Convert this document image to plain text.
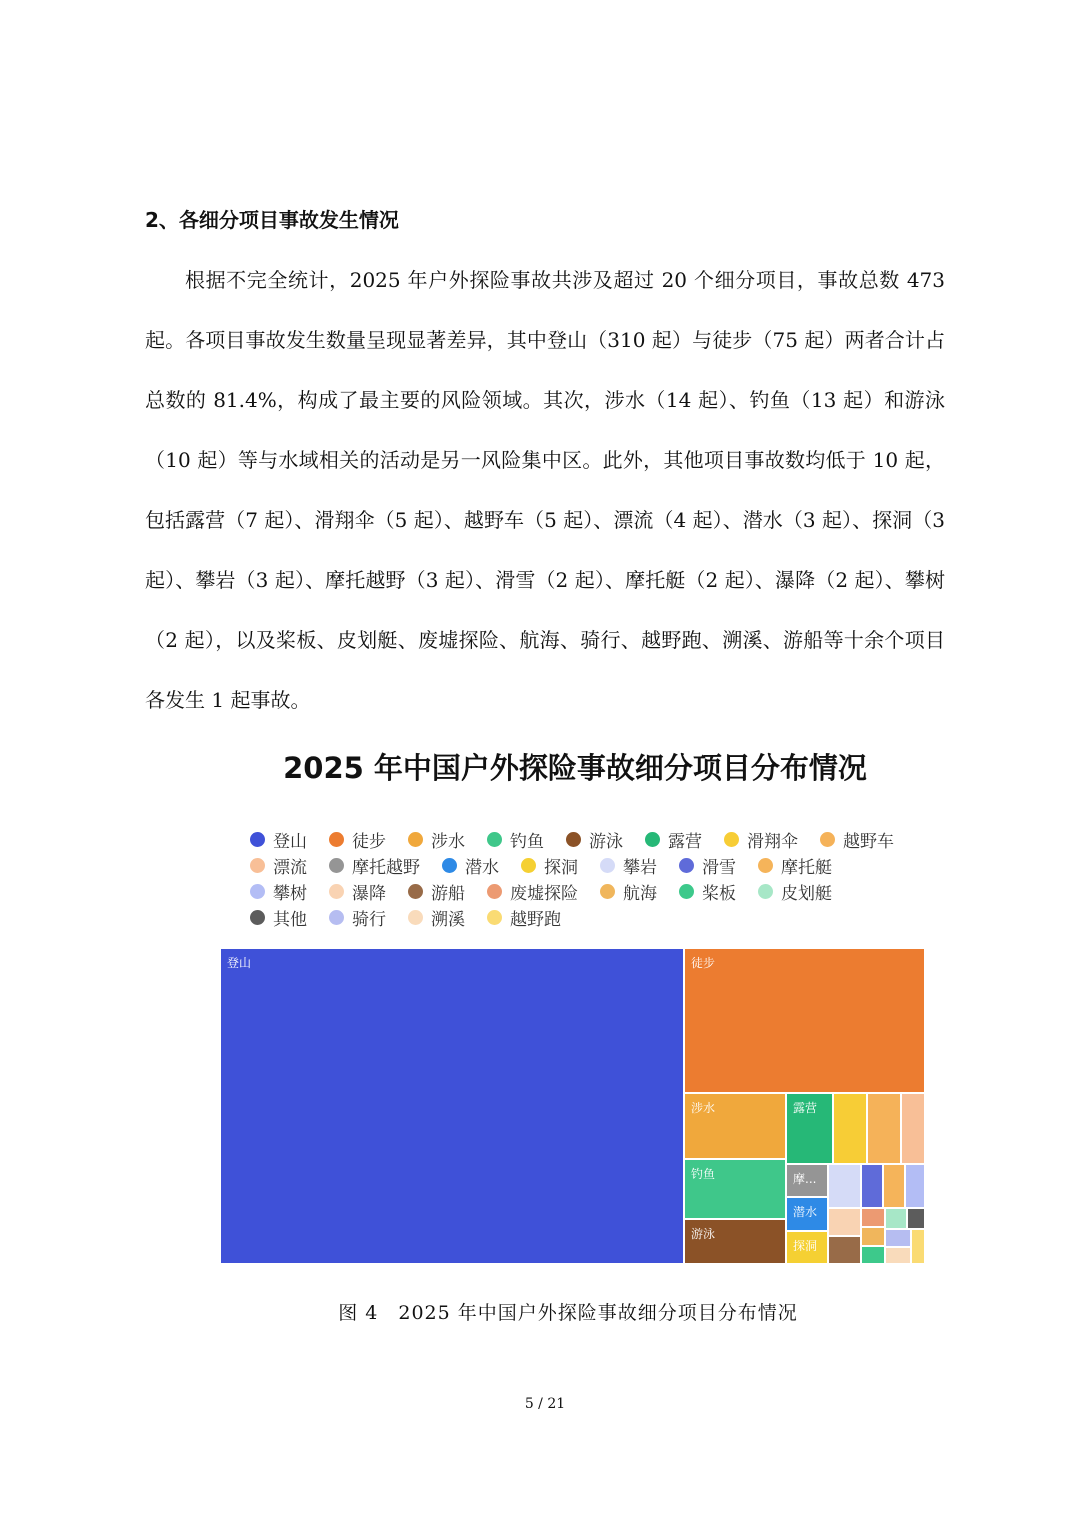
2、各细分项目事故发生情况

根据不完全统计，2025 年户外探险事故共涉及超过 20 个细分项目，事故总数 473 起。各项目事故发生数量呈现显著差异，其中登山（310 起）与徒步（75 起）两者合计占总数的 81.4%，构成了最主要的风险领域。其次，涉水（14 起）、钓鱼（13 起）和游泳（10 起）等与水域相关的活动是另一风险集中区。此外，其他项目事故数均低于 10 起，包括露营（7 起）、滑翔伞（5 起）、越野车（5 起）、漂流（4 起）、潜水（3 起）、探洞（3 起）、攀岩（3 起）、摩托越野（3 起）、滑雪（2 起）、摩托艇（2 起）、瀑降（2 起）、攀树（2 起），以及桨板、皮划艇、废墟探险、航海、骑行、越野跑、溯溪、游船等十余个项目各发生 1 起事故。

2025 年中国户外探险事故细分项目分布情况
登山	徒步	涉水	钓鱼	游泳	露营	滑翔伞	越野车
漂流	摩托越野	潜水	探洞	攀岩	滑雪	摩托艇
攀树	瀑降	游船	废墟探险	航海	桨板	皮划艇
其他	骑行	溯溪	越野跑
登山	徒步
涉水
钓鱼
游泳
露营
摩...
潜水
探洞

图 4　2025 年中国户外探险事故细分项目分布情况

5 / 21
